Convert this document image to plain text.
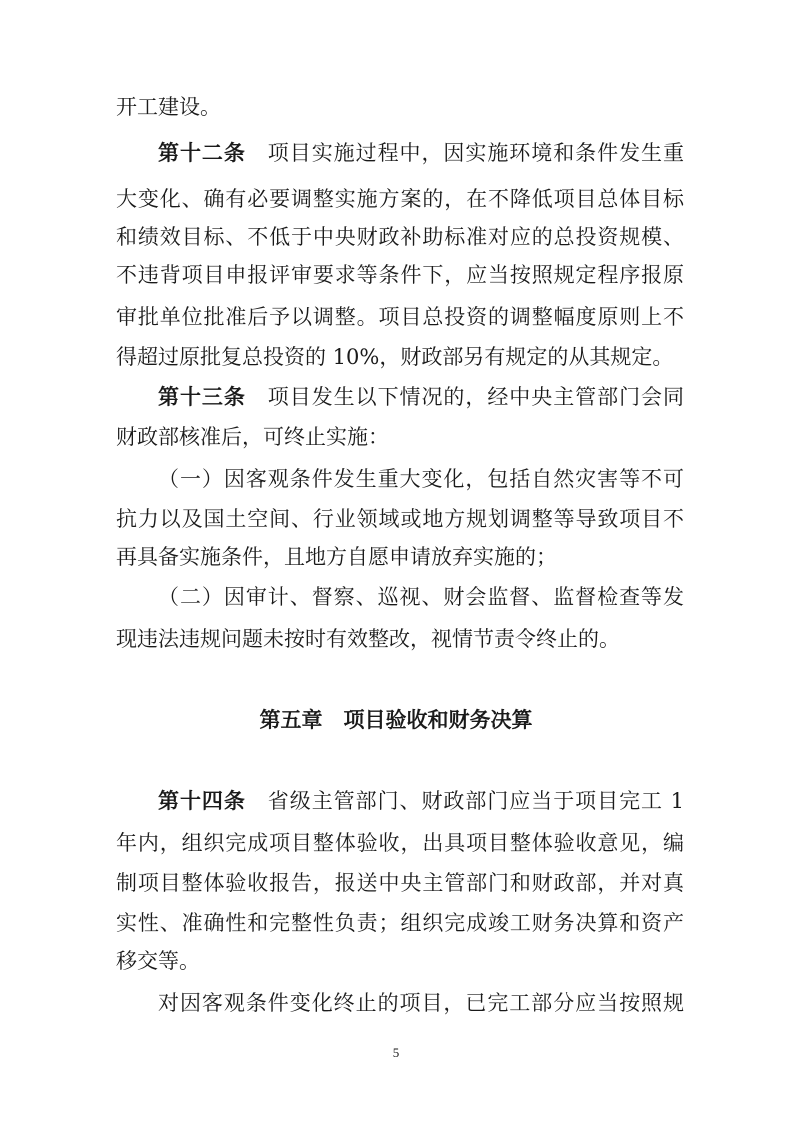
开工建设。

第十二条 项目实施过程中，因实施环境和条件发生重

大变化、确有必要调整实施方案的，在不降低项目总体目标

和绩效目标、不低于中央财政补助标准对应的总投资规模、

不违背项目申报评审要求等条件下，应当按照规定程序报原

审批单位批准后予以调整。项目总投资的调整幅度原则上不

得超过原批复总投资的 10%，财政部另有规定的从其规定。

第十三条 项目发生以下情况的，经中央主管部门会同

财政部核准后，可终止实施：

（一）因客观条件发生重大变化，包括自然灾害等不可

抗力以及国土空间、行业领域或地方规划调整等导致项目不

再具备实施条件，且地方自愿申请放弃实施的；

（二）因审计、督察、巡视、财会监督、监督检查等发

现违法违规问题未按时有效整改，视情节责令终止的。

第五章　项目验收和财务决算

第十四条 省级主管部门、财政部门应当于项目完工 1

年内，组织完成项目整体验收，出具项目整体验收意见，编

制项目整体验收报告，报送中央主管部门和财政部，并对真

实性、准确性和完整性负责；组织完成竣工财务决算和资产

移交等。

对因客观条件变化终止的项目，已完工部分应当按照规

5
